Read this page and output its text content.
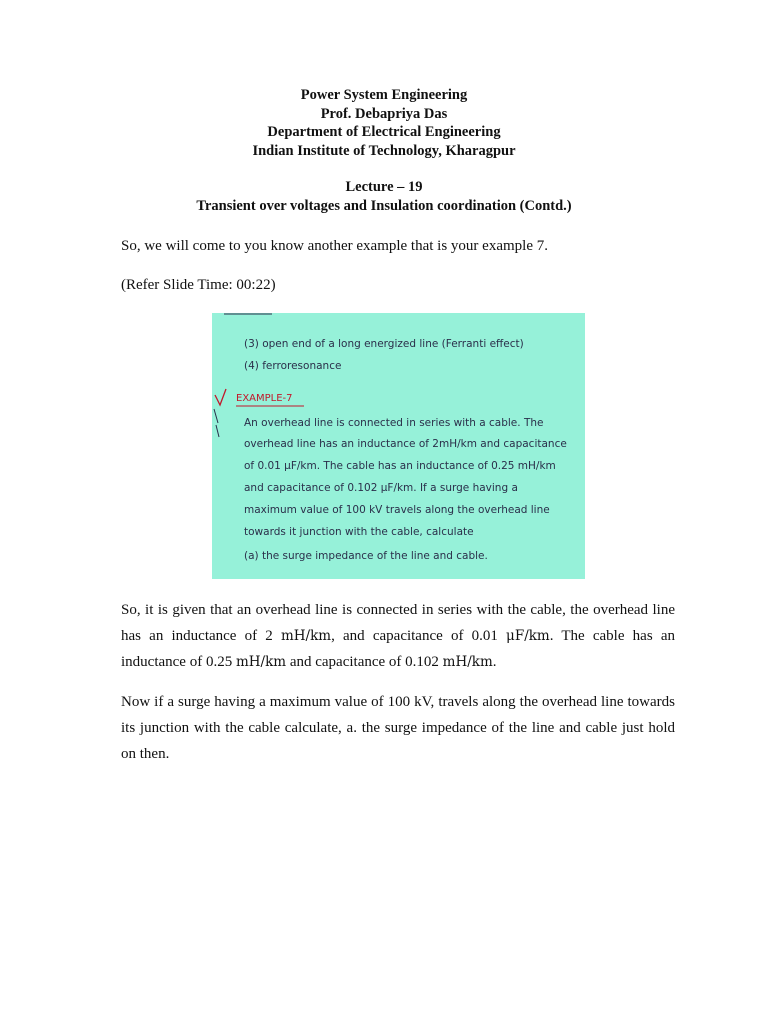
Power System Engineering
Prof. Debapriya Das
Department of Electrical Engineering
Indian Institute of Technology, Kharagpur
Lecture – 19
Transient over voltages and Insulation coordination (Contd.)
So, we will come to you know another example that is your example 7.
(Refer Slide Time: 00:22)
(3) open end of a long energized line (Ferranti effect)
(4) ferroresonance
EXAMPLE-7
An overhead line is connected in series with a cable. The
overhead line has an inductance of 2mH/km and capacitance
of 0.01 μF/km. The cable has an inductance of 0.25 mH/km
and capacitance of 0.102 μF/km. If a surge having a
maximum value of 100 kV travels along the overhead line
towards it junction with the cable, calculate
(a) the surge impedance of the line and cable.
So, it is given that an overhead line is connected in series with the cable, the overhead line has an inductance of 2 mH/km, and capacitance of 0.01 μF/km. The cable has an inductance of 0.25 mH/km and capacitance of 0.102 mH/km.
Now if a surge having a maximum value of 100 kV, travels along the overhead line towards its junction with the cable calculate, a. the surge impedance of the line and cable just hold on then.
